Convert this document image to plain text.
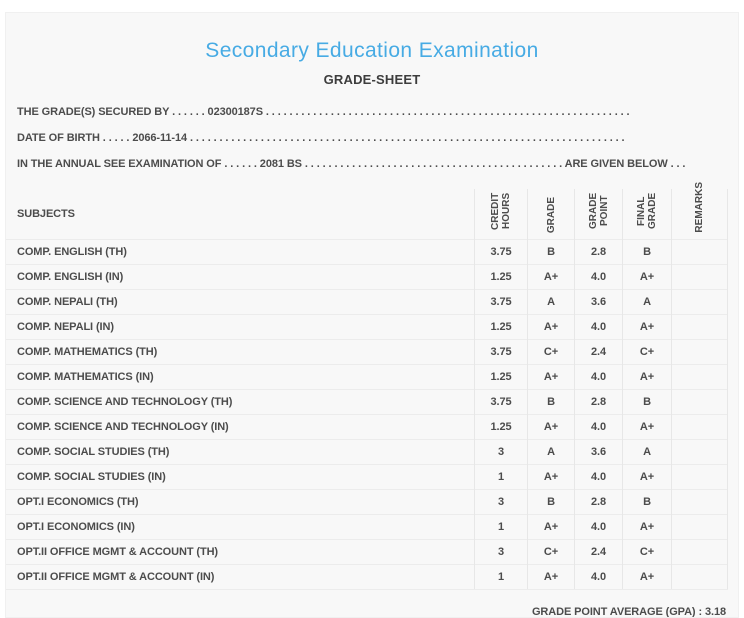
Secondary Education Examination
GRADE-SHEET
THE GRADE(S) SECURED BY . . . . . . 02300187S . . . . . . . . . . . . . . . . . . . . . . . . . . . . . . . . . . . . . . . . . . . . . . . . . . . . . . . . . . . . . .
DATE OF BIRTH . . . . . 2066-11-14 . . . . . . . . . . . . . . . . . . . . . . . . . . . . . . . . . . . . . . . . . . . . . . . . . . . . . . . . . . . . . . . . . . . . . . . . . .
IN THE ANNUAL SEE EXAMINATION OF . . . . . . 2081 BS . . . . . . . . . . . . . . . . . . . . . . . . . . . . . . . . . . . . . . . . . . . . ARE GIVEN BELOW . . .
SUBJECTS	CREDIT HOURS	GRADE	GRADE POINT	FINAL GRADE	REMARKS

COMP. ENGLISH (TH)	3.75	B	2.8	B	
COMP. ENGLISH (IN)	1.25	A+	4.0	A+	
COMP. NEPALI (TH)	3.75	A	3.6	A	
COMP. NEPALI (IN)	1.25	A+	4.0	A+	
COMP. MATHEMATICS (TH)	3.75	C+	2.4	C+	
COMP. MATHEMATICS (IN)	1.25	A+	4.0	A+	
COMP. SCIENCE AND TECHNOLOGY (TH)	3.75	B	2.8	B	
COMP. SCIENCE AND TECHNOLOGY (IN)	1.25	A+	4.0	A+	
COMP. SOCIAL STUDIES (TH)	3	A	3.6	A	
COMP. SOCIAL STUDIES (IN)	1	A+	4.0	A+	
OPT.I ECONOMICS (TH)	3	B	2.8	B	
OPT.I ECONOMICS (IN)	1	A+	4.0	A+	
OPT.II OFFICE MGMT & ACCOUNT (TH)	3	C+	2.4	C+	
OPT.II OFFICE MGMT & ACCOUNT (IN)	1	A+	4.0	A+	
GRADE POINT AVERAGE (GPA) : 3.18
